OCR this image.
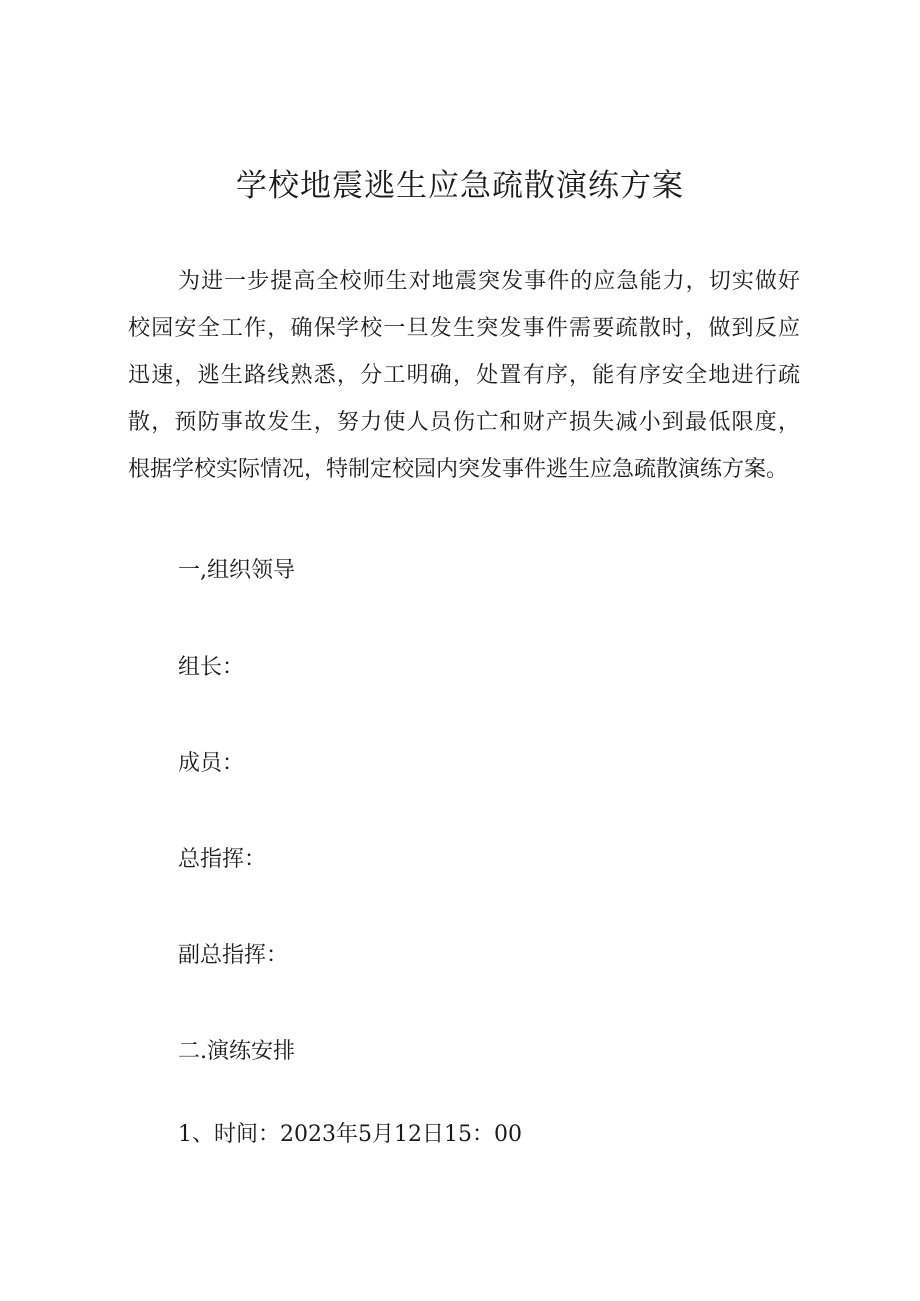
学校地震逃生应急疏散演练方案
为进一步提高全校师生对地震突发事件的应急能力，切实做好
校园安全工作，确保学校一旦发生突发事件需要疏散时，做到反应
迅速，逃生路线熟悉，分工明确，处置有序，能有序安全地进行疏
散，预防事故发生，努力使人员伤亡和财产损失减小到最低限度，
根据学校实际情况，特制定校园内突发事件逃生应急疏散演练方案。

一,组织领导

组长：

成员：

总指挥：

副总指挥：

二.演练安排

1、时间：2023年5月12日15：00
